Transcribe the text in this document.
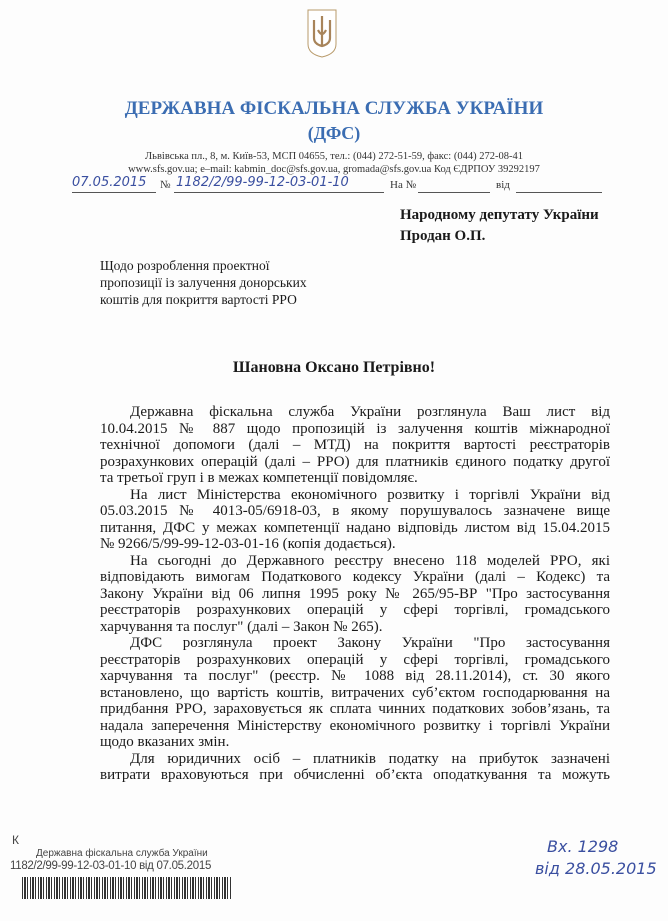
ДЕРЖАВНА ФІСКАЛЬНА СЛУЖБА УКРАЇНИ
(ДФС)
Львівська пл., 8, м. Київ-53, МСП 04655, тел.: (044) 272-51-59, факс: (044) 272-08-41
www.sfs.gov.ua; e–mail: kabmin_doc@sfs.gov.ua, gromada@sfs.gov.ua Код ЄДРПОУ 39292197
07.05.2015 № 1182/2/99-99-12-03-01-10	На №	від
Народному депутату України
Продан О.П.
Щодо розроблення проектної
пропозиції із залучення донорських
коштів для покриття вартості РРО
Шановна Оксано Петрівно!
Державна фіскальна служба України розглянула Ваш лист від
10.04.2015 № 887 щодо пропозицій із залучення коштів міжнародної
технічної допомоги (далі – МТД) на покриття вартості реєстраторів
розрахункових операцій (далі – РРО) для платників єдиного податку другої
та третьої груп і в межах компетенції повідомляє.
На лист Міністерства економічного розвитку і торгівлі України від
05.03.2015 № 4013-05/6918-03, в якому порушувалось зазначене вище
питання, ДФС у межах компетенції надано відповідь листом від 15.04.2015
№ 9266/5/99-99-12-03-01-16 (копія додається).
На сьогодні до Державного реєстру внесено 118 моделей РРО, які
відповідають вимогам Податкового кодексу України (далі – Кодекс) та
Закону України від 06 липня 1995 року № 265/95-ВР "Про застосування
реєстраторів розрахункових операцій у сфері торгівлі, громадського
харчування та послуг" (далі – Закон № 265).
ДФС розглянула проект Закону України "Про застосування
реєстраторів розрахункових операцій у сфері торгівлі, громадського
харчування та послуг" (реєстр. № 1088 від 28.11.2014), ст. 30 якого
встановлено, що вартість коштів, витрачених суб’єктом господарювання на
придбання РРО, зараховується як сплата чинних податкових зобов’язань, та
надала заперечення Міністерству економічного розвитку і торгівлі України
щодо вказаних змін.
Для юридичних осіб – платників податку на прибуток зазначені
витрати враховуються при обчисленні об’єкта оподаткування та можуть
К
Державна фіскальна служба України
1182/2/99-99-12-03-01-10 від 07.05.2015
Вх. 1298
від 28.05.2015
